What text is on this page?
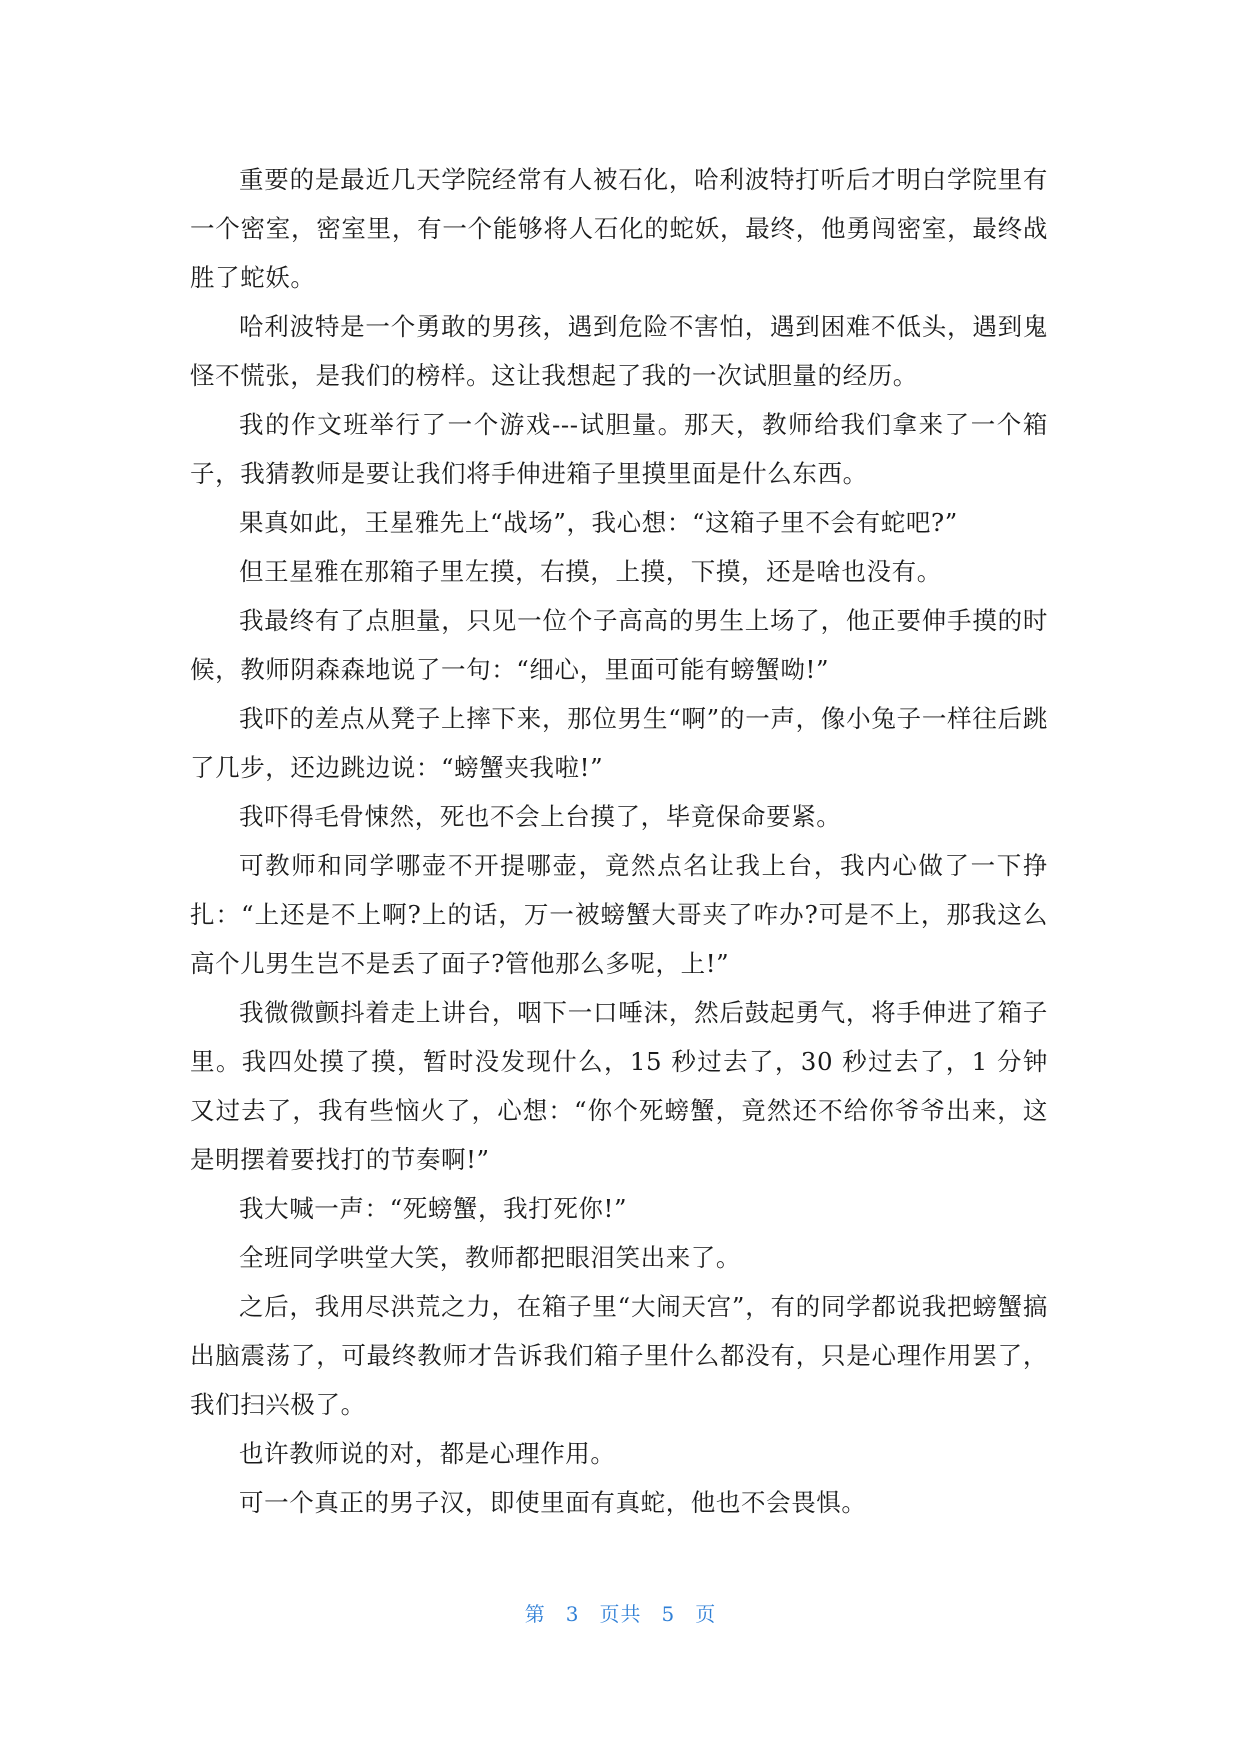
重要的是最近几天学院经常有人被石化，哈利波特打听后才明白学院里有一个密室，密室里，有一个能够将人石化的蛇妖，最终，他勇闯密室，最终战胜了蛇妖。

哈利波特是一个勇敢的男孩，遇到危险不害怕，遇到困难不低头，遇到鬼怪不慌张，是我们的榜样。这让我想起了我的一次试胆量的经历。

我的作文班举行了一个游戏---试胆量。那天，教师给我们拿来了一个箱子，我猜教师是要让我们将手伸进箱子里摸里面是什么东西。

果真如此，王星雅先上“战场”，我心想：“这箱子里不会有蛇吧?”

但王星雅在那箱子里左摸，右摸，上摸，下摸，还是啥也没有。

我最终有了点胆量，只见一位个子高高的男生上场了，他正要伸手摸的时候，教师阴森森地说了一句：“细心，里面可能有螃蟹呦!”

我吓的差点从凳子上摔下来，那位男生“啊”的一声，像小兔子一样往后跳了几步，还边跳边说：“螃蟹夹我啦!”

我吓得毛骨悚然，死也不会上台摸了，毕竟保命要紧。

可教师和同学哪壶不开提哪壶，竟然点名让我上台，我内心做了一下挣扎：“上还是不上啊?上的话，万一被螃蟹大哥夹了咋办?可是不上，那我这么高个儿男生岂不是丢了面子?管他那么多呢，上!”

我微微颤抖着走上讲台，咽下一口唾沫，然后鼓起勇气，将手伸进了箱子里。我四处摸了摸，暂时没发现什么，15 秒过去了，30 秒过去了，1 分钟又过去了，我有些恼火了，心想：“你个死螃蟹，竟然还不给你爷爷出来，这是明摆着要找打的节奏啊!”

我大喊一声：“死螃蟹，我打死你!”

全班同学哄堂大笑，教师都把眼泪笑出来了。

之后，我用尽洪荒之力，在箱子里“大闹天宫”，有的同学都说我把螃蟹搞出脑震荡了，可最终教师才告诉我们箱子里什么都没有，只是心理作用罢了，我们扫兴极了。

也许教师说的对，都是心理作用。

可一个真正的男子汉，即使里面有真蛇，他也不会畏惧。

第 3 页共 5 页
